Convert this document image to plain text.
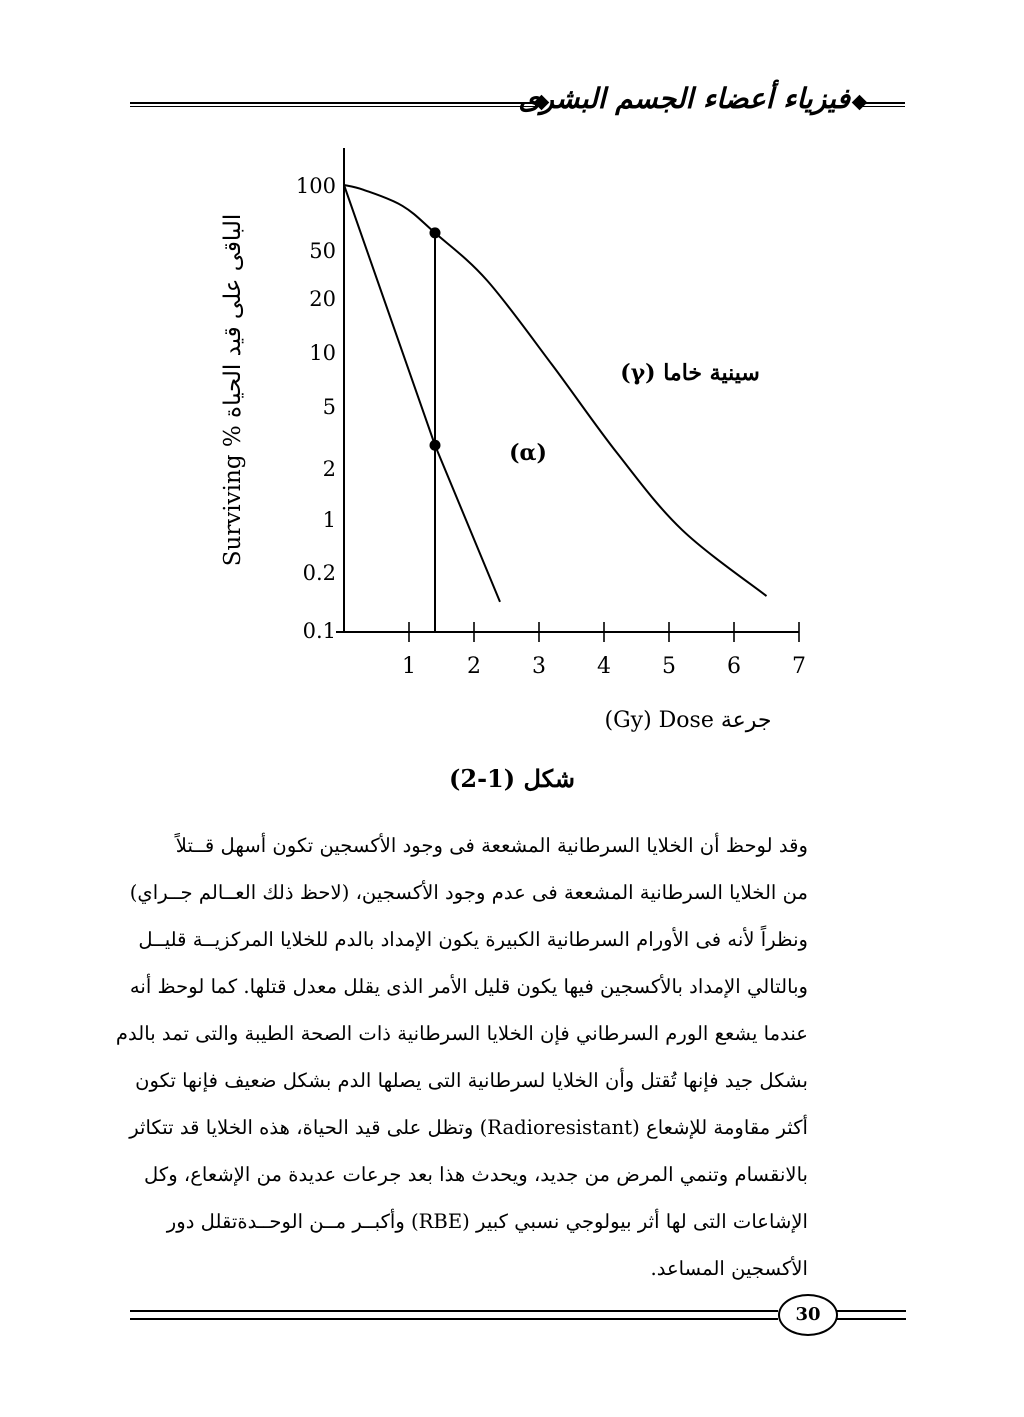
فيزياء أعضاء الجسم البشرى
100
50
20
10
5
2
1
0.2
0.1
1 2 3 4 5 6 7
Surviving % الباقى على قيد الحياة
(Gy) Dose جرعة
(α)
سينية خاما (γ)
شكل (1-2)
وقد لوحظ أن الخلايا السرطانية المشععة فى وجود الأكسجين تكون أسهل قــتلاً
من الخلايا السرطانية المشععة فى عدم وجود الأكسجين، (لاحظ ذلك العــالم جــراي)
ونظراً لأنه فى الأورام السرطانية الكبيرة يكون الإمداد بالدم للخلايا المركزيــة قليــل
وبالتالي الإمداد بالأكسجين فيها يكون قليل الأمر الذى يقلل معدل قتلها. كما لوحظ أنه
عندما يشعع الورم السرطاني فإن الخلايا السرطانية ذات الصحة الطيبة والتى تمد بالدم
بشكل جيد فإنها تُقتل وأن الخلايا لسرطانية التى يصلها الدم بشكل ضعيف فإنها تكون
أكثر مقاومة للإشعاع (Radioresistant) وتظل على قيد الحياة، هذه الخلايا قد تتكاثر
بالانقسام وتنمي المرض من جديد، ويحدث هذا بعد جرعات عديدة من الإشعاع، وكل
الإشاعات التى لها أثر بيولوجي نسبي كبير (RBE) وأكبــر مــن الوحــدةتقلل دور
الأكسجين المساعد.
30
